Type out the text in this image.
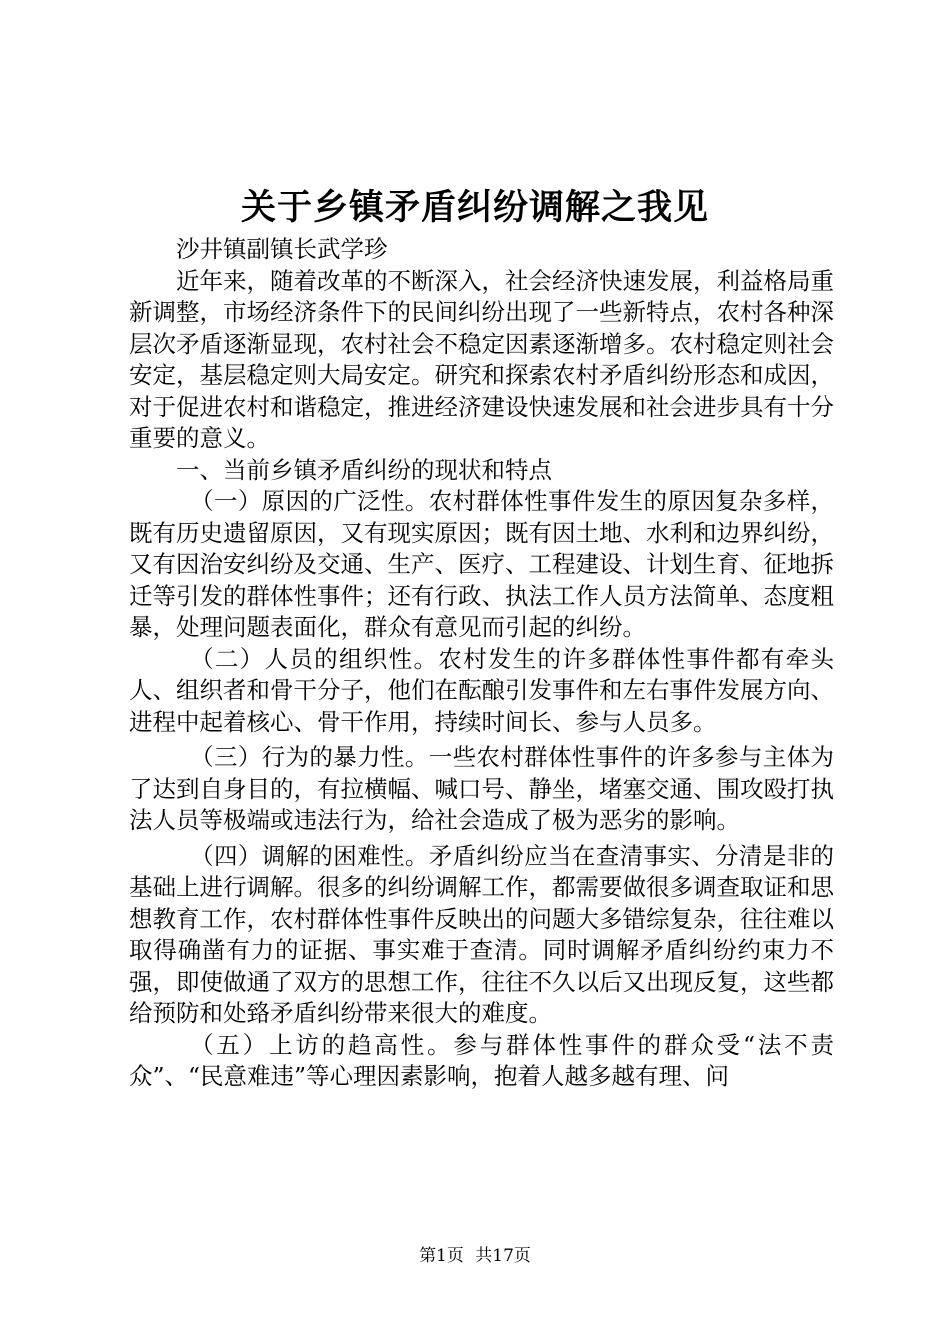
关于乡镇矛盾纠纷调解之我见

沙井镇副镇长武学珍

近年来，随着改革的不断深入，社会经济快速发展，利益格局重新调整，市场经济条件下的民间纠纷出现了一些新特点，农村各种深层次矛盾逐渐显现，农村社会不稳定因素逐渐增多。农村稳定则社会安定，基层稳定则大局安定。研究和探索农村矛盾纠纷形态和成因，对于促进农村和谐稳定，推进经济建设快速发展和社会进步具有十分重要的意义。

一、当前乡镇矛盾纠纷的现状和特点

（一）原因的广泛性。农村群体性事件发生的原因复杂多样，既有历史遗留原因，又有现实原因；既有因土地、水利和边界纠纷，又有因治安纠纷及交通、生产、医疗、工程建设、计划生育、征地拆迁等引发的群体性事件；还有行政、执法工作人员方法简单、态度粗暴，处理问题表面化，群众有意见而引起的纠纷。

（二）人员的组织性。农村发生的许多群体性事件都有牵头人、组织者和骨干分子，他们在酝酿引发事件和左右事件发展方向、进程中起着核心、骨干作用，持续时间长、参与人员多。

（三）行为的暴力性。一些农村群体性事件的许多参与主体为了达到自身目的，有拉横幅、喊口号、静坐，堵塞交通、围攻殴打执法人员等极端或违法行为，给社会造成了极为恶劣的影响。

（四）调解的困难性。矛盾纠纷应当在查清事实、分清是非的基础上进行调解。很多的纠纷调解工作，都需要做很多调查取证和思想教育工作，农村群体性事件反映出的问题大多错综复杂，往往难以取得确凿有力的证据、事实难于查清。同时调解矛盾纠纷约束力不强，即使做通了双方的思想工作，往往不久以后又出现反复，这些都给预防和处臵矛盾纠纷带来很大的难度。

（五）上访的趋高性。参与群体性事件的群众受“法不责众”、“民意难违”等心理因素影响，抱着人越多越有理、问

第1页 共17页
